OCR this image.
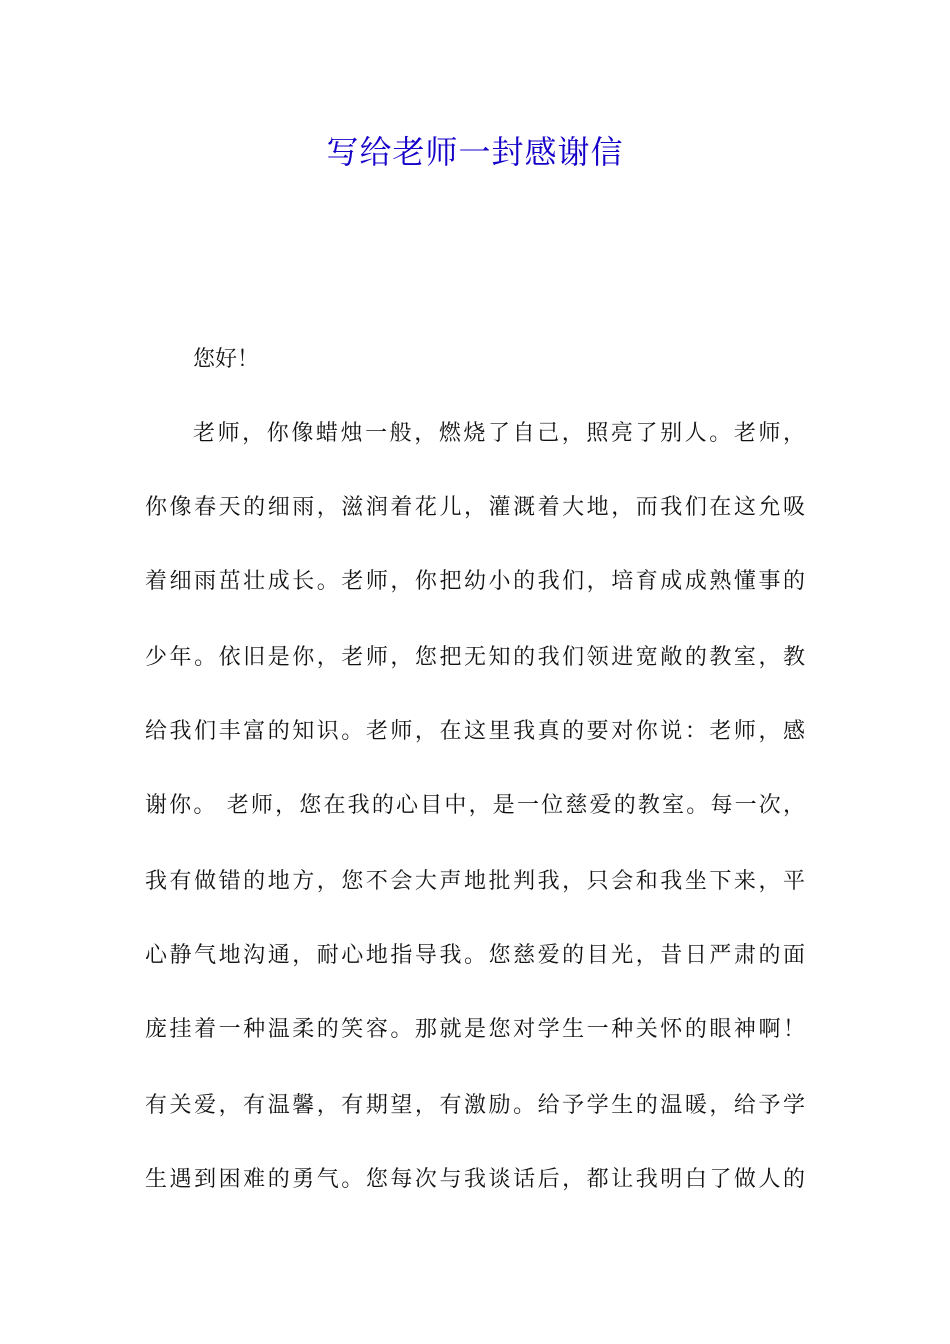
写给老师一封感谢信

您好！

老师，你像蜡烛一般，燃烧了自己，照亮了别人。老师，

你像春天的细雨，滋润着花儿，灌溉着大地，而我们在这允吸

着细雨茁壮成长。老师，你把幼小的我们，培育成成熟懂事的

少年。依旧是你，老师，您把无知的我们领进宽敞的教室，教

给我们丰富的知识。老师，在这里我真的要对你说：老师，感

谢你。 老师，您在我的心目中，是一位慈爱的教室。每一次，

我有做错的地方，您不会大声地批判我，只会和我坐下来，平

心静气地沟通，耐心地指导我。您慈爱的目光，昔日严肃的面

庞挂着一种温柔的笑容。那就是您对学生一种关怀的眼神啊！

有关爱，有温馨，有期望，有激励。给予学生的温暖，给予学

生遇到困难的勇气。您每次与我谈话后，都让我明白了做人的
